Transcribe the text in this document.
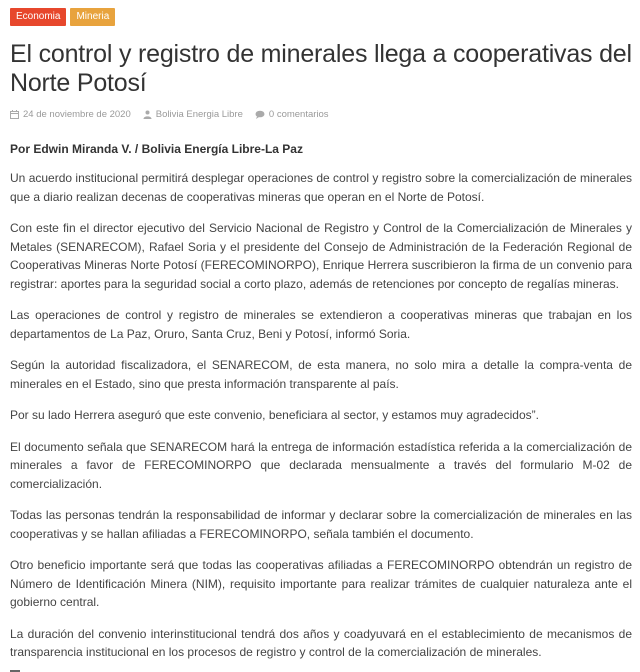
Economia	Mineria
El control y registro de minerales llega a cooperativas del Norte Potosí
24 de noviembre de 2020	Bolivia Energia Libre	0 comentarios
Por Edwin Miranda V. / Bolivia Energía Libre-La Paz

Un acuerdo institucional permitirá desplegar operaciones de control y registro sobre la comercialización de minerales que a diario realizan decenas de cooperativas mineras que operan en el Norte de Potosí.

Con este fin el director ejecutivo del Servicio Nacional de Registro y Control de la Comercialización de Minerales y Metales (SENARECOM), Rafael Soria y el presidente del Consejo de Administración de la Federación Regional de Cooperativas Mineras Norte Potosí (FERECOMINORPO), Enrique Herrera suscribieron la firma de un convenio para registrar: aportes para la seguridad social a corto plazo, además de retenciones por concepto de regalías mineras.

Las operaciones de control y registro de minerales se extendieron a cooperativas mineras que trabajan en los departamentos de La Paz, Oruro, Santa Cruz, Beni y Potosí, informó Soria.

Según la autoridad fiscalizadora, el SENARECOM, de esta manera, no solo mira a detalle la compra-venta de minerales en el Estado, sino que presta información transparente al país.

Por su lado Herrera aseguró que este convenio, beneficiara al sector, y estamos muy agradecidos”.

El documento señala que SENARECOM hará la entrega de información estadística referida a la comercialización de minerales a favor de FERECOMINORPO que declarada mensualmente a través del formulario M-02 de comercialización.

Todas las personas tendrán la responsabilidad de informar y declarar sobre la comercialización de minerales en las cooperativas y se hallan afiliadas a FERECOMINORPO, señala también el documento.

Otro beneficio importante será que todas las cooperativas afiliadas a FERECOMINORPO obtendrán un registro de Número de Identificación Minera (NIM), requisito importante para realizar trámites de cualquier naturaleza ante el gobierno central.

La duración del convenio interinstitucional tendrá dos años y coadyuvará en el establecimiento de mecanismos de transparencia institucional en los procesos de registro y control de la comercialización de minerales.
